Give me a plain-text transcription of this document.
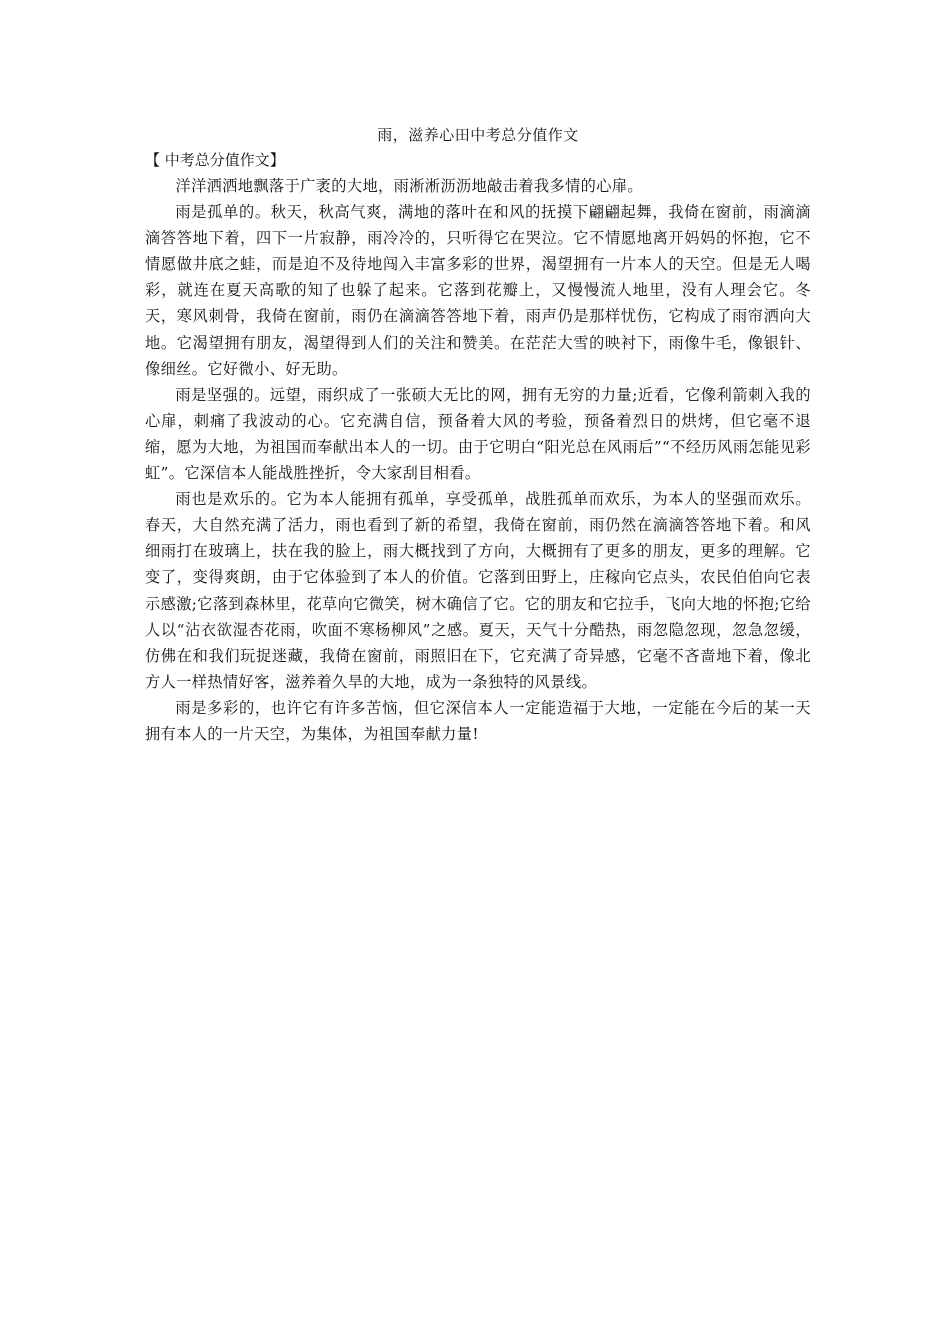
雨，滋养心田中考总分值作文
【 中考总分值作文】

洋洋洒洒地飘落于广袤的大地，雨淅淅沥沥地敲击着我多情的心扉。

雨是孤单的。秋天，秋高气爽，满地的落叶在和风的抚摸下翩翩起舞，我倚在窗前，雨滴滴滴答答地下着，四下一片寂静，雨冷冷的，只听得它在哭泣。它不情愿地离开妈妈的怀抱，它不情愿做井底之蛙，而是迫不及待地闯入丰富多彩的世界，渴望拥有一片本人的天空。但是无人喝彩，就连在夏天高歌的知了也躲了起来。它落到花瓣上，又慢慢流人地里，没有人理会它。冬天，寒风刺骨，我倚在窗前，雨仍在滴滴答答地下着，雨声仍是那样忧伤，它构成了雨帘洒向大地。它渴望拥有朋友，渴望得到人们的关注和赞美。在茫茫大雪的映衬下，雨像牛毛，像银针、像细丝。它好微小、好无助。

雨是坚强的。远望，雨织成了一张硕大无比的网，拥有无穷的力量;近看，它像利箭刺入我的心扉，刺痛了我波动的心。它充满自信，预备着大风的考验，预备着烈日的烘烤，但它毫不退缩，愿为大地，为祖国而奉献出本人的一切。由于它明白“阳光总在风雨后”“不经历风雨怎能见彩虹”。它深信本人能战胜挫折，令大家刮目相看。

雨也是欢乐的。它为本人能拥有孤单，享受孤单，战胜孤单而欢乐，为本人的坚强而欢乐。春天，大自然充满了活力，雨也看到了新的希望，我倚在窗前，雨仍然在滴滴答答地下着。和风细雨打在玻璃上，扶在我的脸上，雨大概找到了方向，大概拥有了更多的朋友，更多的理解。它变了，变得爽朗，由于它体验到了本人的价值。它落到田野上，庄稼向它点头，农民伯伯向它表示感激;它落到森林里，花草向它微笑，树木确信了它。它的朋友和它拉手，飞向大地的怀抱;它给人以“沾衣欲湿杏花雨，吹面不寒杨柳风”之感。夏天，天气十分酷热，雨忽隐忽现，忽急忽缓，仿佛在和我们玩捉迷藏，我倚在窗前，雨照旧在下，它充满了奇异感，它毫不吝啬地下着，像北方人一样热情好客，滋养着久旱的大地，成为一条独特的风景线。

雨是多彩的，也许它有许多苦恼，但它深信本人一定能造福于大地，一定能在今后的某一天拥有本人的一片天空，为集体，为祖国奉献力量!
